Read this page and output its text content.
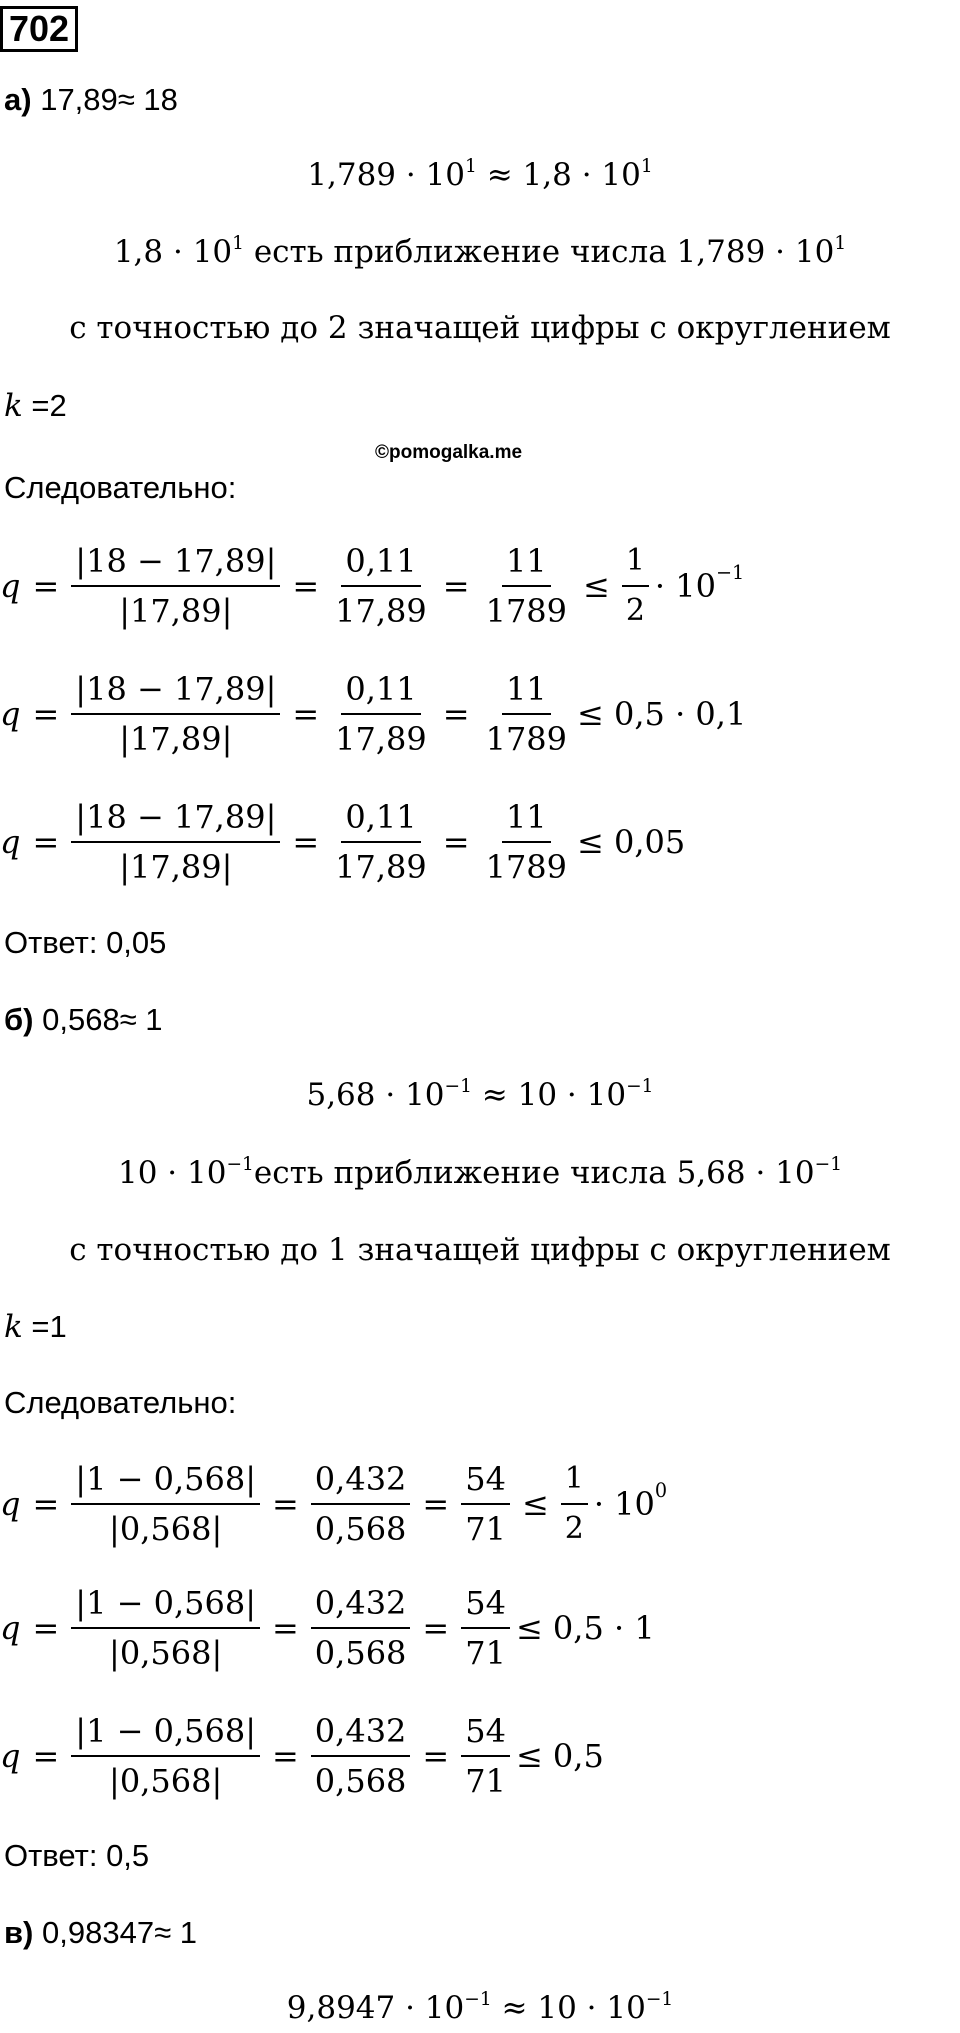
702
а) 17,89≈ 18
$1,789 \cdot 10^1 \approx 1,8 \cdot 10^1$
$1,8 \cdot 10^1$ есть приближение числа $1,789 \cdot 10^1$
с точностью до 2 значащей цифры с округлением
k =2
©pomogalka.me
Следовательно:
$q = \frac{|18 - 17,89|}{|17,89|} = \frac{0,11}{17,89} = \frac{11}{1789} \le \frac{1}{2} \cdot 10^{-1}$
$q = \frac{|18 - 17,89|}{|17,89|} = \frac{0,11}{17,89} = \frac{11}{1789} \le 0,5 \cdot 0,1$
$q = \frac{|18 - 17,89|}{|17,89|} = \frac{0,11}{17,89} = \frac{11}{1789} \le 0,05$
Ответ: 0,05
б) 0,568≈ 1
$5,68 \cdot 10^{-1} \approx 10 \cdot 10^{-1}$
$10 \cdot 10^{-1}есть$ приближение числа $5,68 \cdot 10^{-1}$
с точностью до 1 значащей цифры с округлением
k =1
Следовательно:
$q = \frac{|1 - 0,568|}{|0,568|} = \frac{0,432}{0,568} = \frac{54}{71} \le \frac{1}{2} \cdot 10^0$
$q = \frac{|1 - 0,568|}{|0,568|} = \frac{0,432}{0,568} = \frac{54}{71} \le 0,5 \cdot 1$
$q = \frac{|1 - 0,568|}{|0,568|} = \frac{0,432}{0,568} = \frac{54}{71} \le 0,5$
Ответ: 0,5
в) 0,98347≈ 1
$9,8947 \cdot 10^{-1} \approx 10 \cdot 10^{-1}$
